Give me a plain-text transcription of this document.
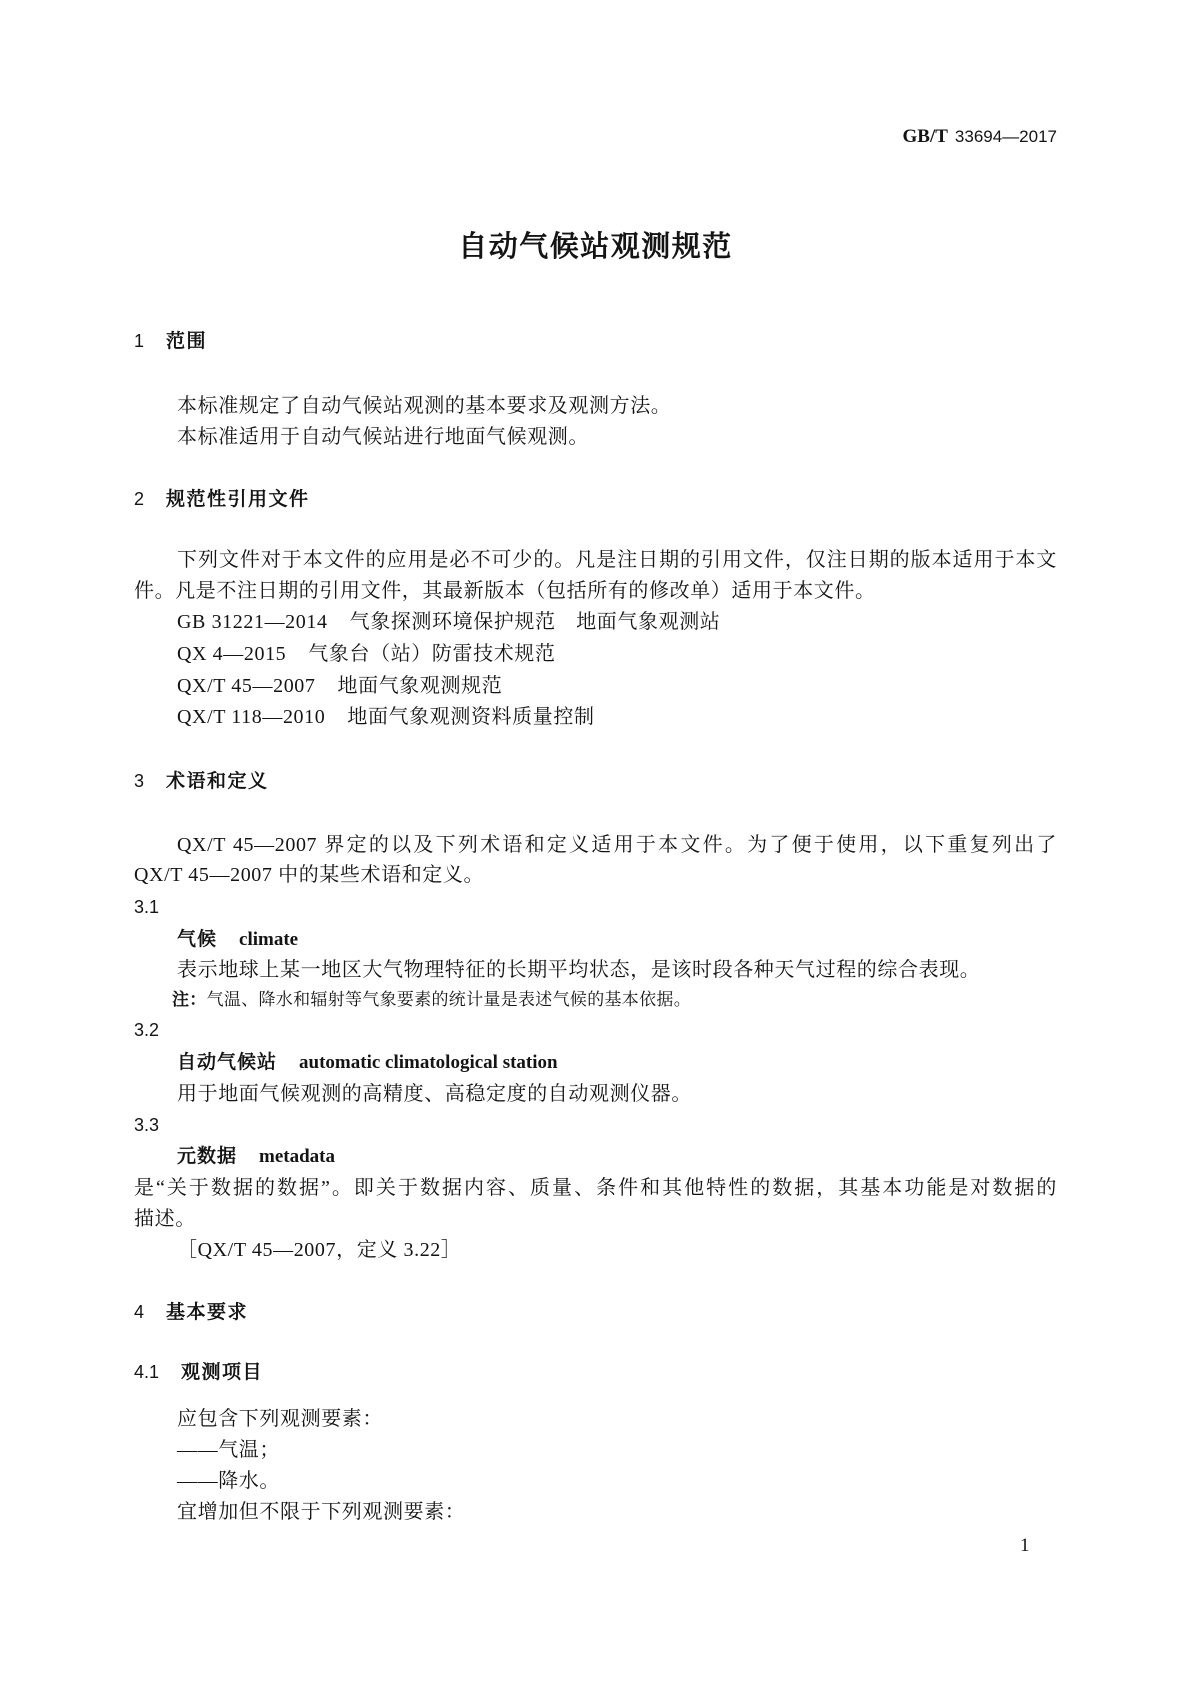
GB/T 33694—2017
自动气候站观测规范
1 范围
本标准规定了自动气候站观测的基本要求及观测方法。
本标准适用于自动气候站进行地面气候观测。
2 规范性引用文件
下列文件对于本文件的应用是必不可少的。凡是注日期的引用文件，仅注日期的版本适用于本文
件。凡是不注日期的引用文件，其最新版本（包括所有的修改单）适用于本文件。
GB 31221—2014 气象探测环境保护规范　地面气象观测站
QX 4—2015 气象台（站）防雷技术规范
QX/T 45—2007 地面气象观测规范
QX/T 118—2010 地面气象观测资料质量控制
3 术语和定义
QX/T 45—2007 界定的以及下列术语和定义适用于本文件。为了便于使用，以下重复列出了
QX/T 45—2007 中的某些术语和定义。
3.1
气候 climate
表示地球上某一地区大气物理特征的长期平均状态，是该时段各种天气过程的综合表现。
注：气温、降水和辐射等气象要素的统计量是表述气候的基本依据。
3.2
自动气候站 automatic climatological station
用于地面气候观测的高精度、高稳定度的自动观测仪器。
3.3
元数据 metadata
是“关于数据的数据”。即关于数据内容、质量、条件和其他特性的数据，其基本功能是对数据的
描述。
［QX/T 45—2007，定义 3.22］
4 基本要求
4.1 观测项目
应包含下列观测要素：
——气温；
——降水。
宜增加但不限于下列观测要素：
1
